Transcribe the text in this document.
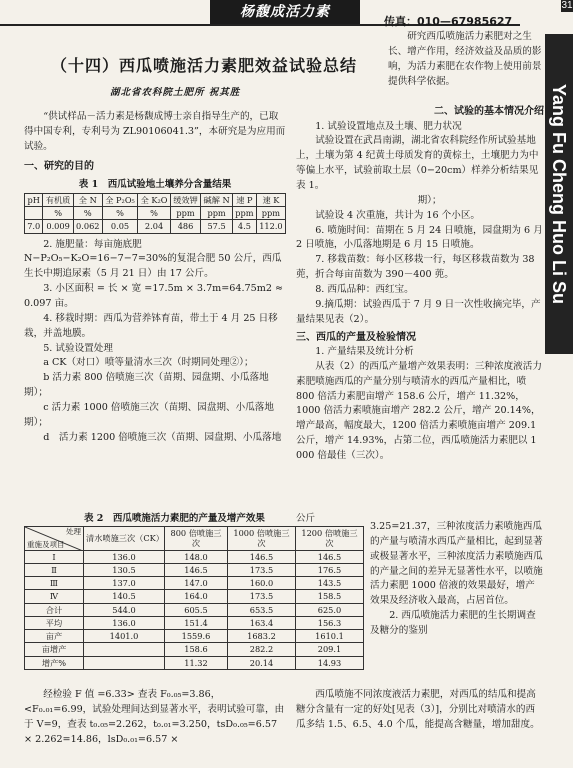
31
杨馥成活力素
传真：010—67985627
Yang Fu Cheng Huo Li Su
（十四）西瓜喷施活力素肥效益试验总结
湖北省农科院土肥所 祝其胜

研究西瓜喷施活力素肥对之生长、增产作用，经济效益及品质的影响，为活力素肥在农作物上使用前景提供科学依据。

“供试样品－活力素是杨馥成博士亲自指导生产的，已取得中国专利，专利号为 ZL90106041.3”，本研究是为应用而试验。

一、研究的目的

表 1　西瓜试验地土壤养分含量结果

pH	有机质	全 N	全 P₂O₅	全 K₂O	缓效钾	碱解 N	速 P	速 K
	%	%	%	%	ppm	ppm	ppm	ppm
7.0	0.009	0.062	0.05	2.04	486	57.5	4.5	112.0

2. 施肥量：每亩施底肥 N−P₂O₅−K₂O=16−7−7=30%的复混合肥 50 公斤，西瓜生长中期追尿素（5 月 21 日）由 17 公斤。

3. 小区面积 = 长 × 宽 =17.5m × 3.7m=64.75m2 ≈ 0.097 亩。

4. 移栽时期：西瓜为营养钵育苗，带土于 4 月 25 日移栽，并盖地膜。

5. 试验设置处理

a CK（对口）喷等量清水三次（时期同处理②）；

b 活力素 800 倍喷施三次（苗期、园盘期、小瓜落地期）；

c 活力素 1000 倍喷施三次（苗期、园盘期、小瓜落地期）；

d　活力素 1200 倍喷施三次（苗期、园盘期、小瓜落地

表 2　西瓜喷施活力素肥的产量及增产效果	公斤
处理
重施及项目	清水喷施三次（CK）	800 倍喷施三次	1000 倍喷施三次	1200 倍喷施三次
Ⅰ	136.0	148.0	146.5	146.5
Ⅱ	130.5	146.5	173.5	176.5
Ⅲ	137.0	147.0	160.0	143.5
Ⅳ	140.5	164.0	173.5	158.5
合计	544.0	605.5	653.5	625.0
平均	136.0	151.4	163.4	156.3
亩产	1401.0	1559.6	1683.2	1610.1
亩增产		158.6	282.2	209.1
增产%		11.32	20.14	14.93

经检验 F 值 =6.33> 查表 F₀.₀₅=3.86，<F₀.₀₁=6.99，试验处理间达到显著水平，表明试验可靠，由于 V=9，查表 t₀.₀₅=2.262，t₀.₀₁=3.250，tsD₀.₀₅=6.57 × 2.262=14.86，lsD₀.₀₁=6.57 ×

二、试验的基本情况介绍

1. 试验设置地点及土壤、肥力状况

试验设置在武昌南湖，湖北省农科院经作所试验基地上，土壤为第 4 纪黄土母质发育的黄棕土，土壤肥力为中等偏上水平，试验前取土层（0−20cm）样养分析结果见表 1。

期）；

试验设 4 次重施，共计为 16 个小区。

6. 喷施时间：苗期在 5 月 24 日喷施，园盘期为 6 月 2 日喷施，小瓜落地期是 6 月 15 日喷施。

7. 移栽苗数：每小区移栽一行，每区移栽苗数为 38 蔸，折合每亩苗数为 390－400 蔸。

8. 西瓜品种：西红宝。

9.摘瓜期：试验西瓜于 7 月 9 日一次性收摘完毕，产量结果见表（2）。

三、西瓜的产量及检验情况

1. 产量结果及统计分析

从表（2）的西瓜产量增产效果表明：三种浓度液活力素肥喷施西瓜的产量分别与喷清水的西瓜产量相比，喷 800 倍活力素肥亩增产 158.6 公斤，增产 11.32%，1000 倍活力素喷施亩增产 282.2 公斤，增产 20.14%，增产最高，幅度最大，1200 倍活力素喷施亩增产 209.1 公斤，增产 14.93%，占第二位，西瓜喷施活力素肥以 1 000 倍最佳（三次）。

3.25=21.37，三种浓度活力素喷施西瓜的产量与喷清水西瓜产量相比，起到显著或极显著水平，三种浓度活力素喷施西瓜的产量之间的差异无显著性水平，以喷施活力素肥 1000 倍液的效果最好，增产效果及经济收入最高，占居首位。

2. 西瓜喷施活力素肥的生长期调查及糖分的鉴别

西瓜喷施不同浓度液活力素肥，对西瓜的结瓜和提高糖分含量有一定的好处[见表（3）]，分别比对喷清水的西瓜多结 1.5、6.5、4.0 个瓜，能提高含糖量，增加甜度。
